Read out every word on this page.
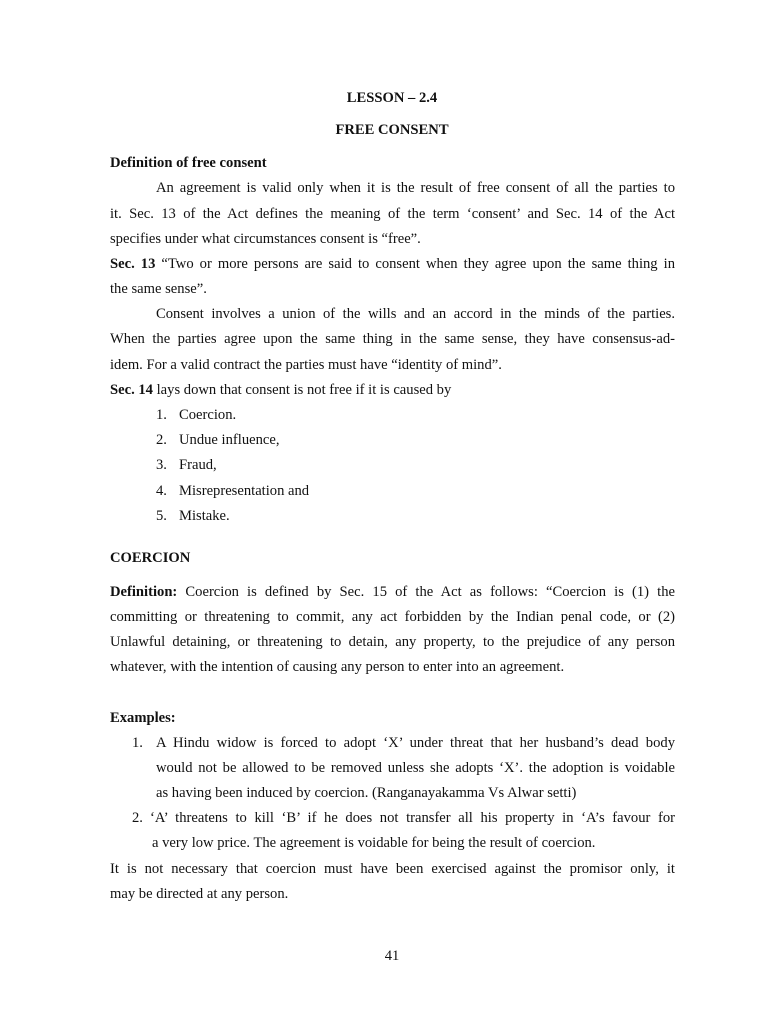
LESSON – 2.4
FREE CONSENT
Definition of free consent
An agreement is valid only when it is the result of free consent of all the parties to
it. Sec. 13 of the Act defines the meaning of the term ‘consent’ and Sec. 14 of the Act
specifies under what circumstances consent is “free”.
Sec. 13 “Two or more persons are said to consent when they agree upon the same thing in
the same sense”.
Consent involves a union of the wills and an accord in the minds of the parties.
When the parties agree upon the same thing in the same sense, they have consensus-ad-
idem. For a valid contract the parties must have “identity of mind”.
Sec. 14 lays down that consent is not free if it is caused by
1. Coercion.
2. Undue influence,
3. Fraud,
4. Misrepresentation and
5. Mistake.
COERCION
Definition: Coercion is defined by Sec. 15 of the Act as follows: “Coercion is (1) the
committing or threatening to commit, any act forbidden by the Indian penal code, or (2)
Unlawful detaining, or threatening to detain, any property, to the prejudice of any person
whatever, with the intention of causing any person to enter into an agreement.
Examples:
1. A Hindu widow is forced to adopt ‘X’ under threat that her husband’s dead body
would not be allowed to be removed unless she adopts ‘X’. the adoption is voidable
as having been induced by coercion. (Ranganayakamma Vs Alwar setti)
2. ‘A’ threatens to kill ‘B’ if he does not transfer all his property in ‘A’s favour for
a very low price. The agreement is voidable for being the result of coercion.
It is not necessary that coercion must have been exercised against the promisor only, it
may be directed at any person.
41
